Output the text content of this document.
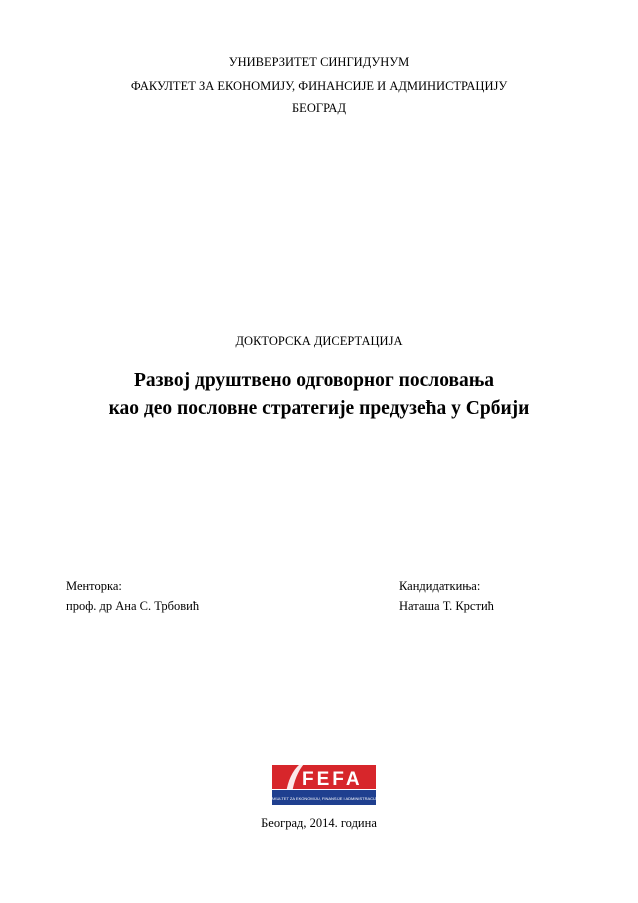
УНИВЕРЗИТЕТ СИНГИДУНУМ
ФАКУЛТЕТ ЗА ЕКОНОМИЈУ, ФИНАНСИЈЕ И АДМИНИСТРАЦИЈУ
БЕОГРАД
ДОКТОРСКА ДИСЕРТАЦИЈА
Развој друштвено одговорног пословања
као део пословне стратегије предузећа у Србији
Менторка:
проф. др Ана С. Трбовић
Кандидаткиња:
Наташа Т. Крстић
FEFA
FAKULTET ZA EKONOMIJU, FINANSIJE I ADMINISTRACIJU
Београд, 2014. година
